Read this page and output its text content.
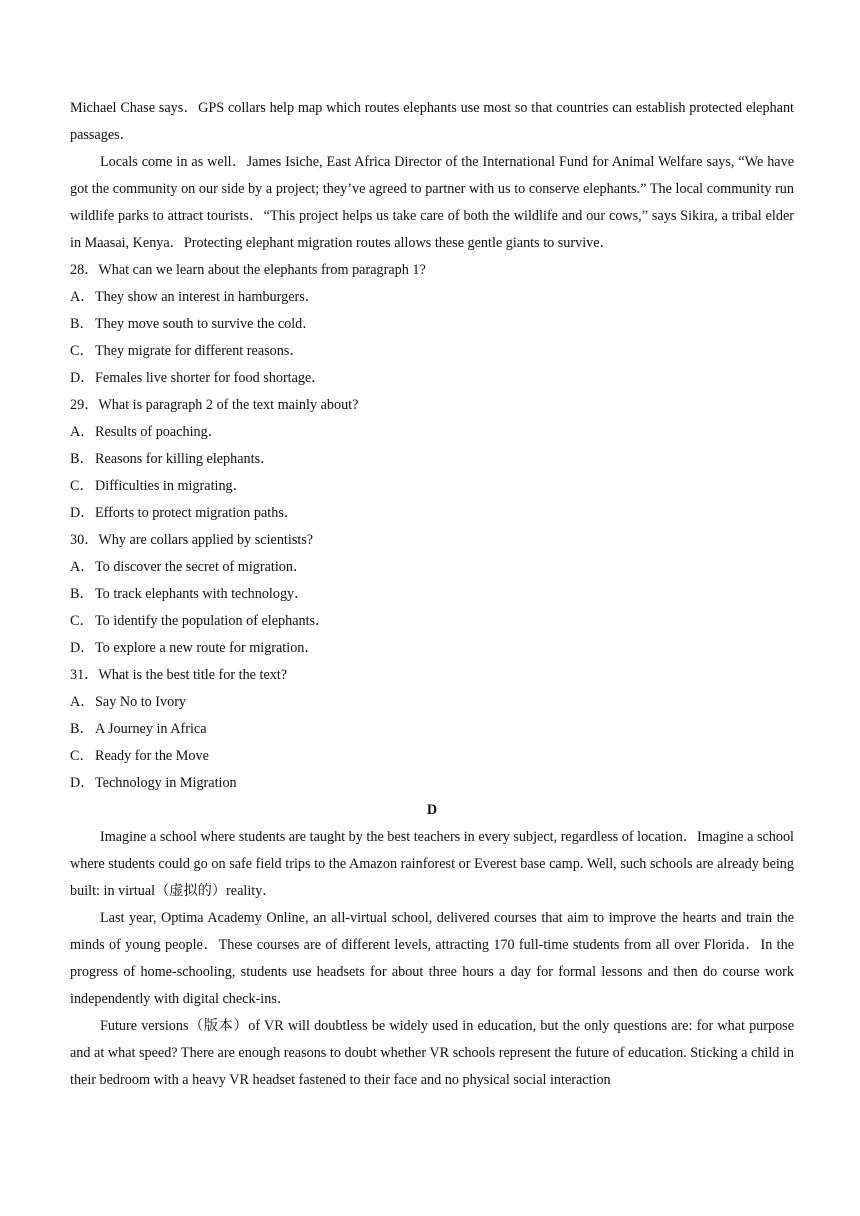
Michael Chase says．GPS collars help map which routes elephants use most so that countries can establish protected elephant passages．

Locals come in as well．James Isiche, East Africa Director of the International Fund for Animal Welfare says, “We have got the community on our side by a project; they’ve agreed to partner with us to conserve elephants.” The local community run wildlife parks to attract tourists．“This project helps us take care of both the wildlife and our cows,” says Sikira, a tribal elder in Maasai, Kenya．Protecting elephant migration routes allows these gentle giants to survive．

28．What can we learn about the elephants from paragraph 1?

A．They show an interest in hamburgers．

B．They move south to survive the cold．

C．They migrate for different reasons．

D．Females live shorter for food shortage．

29．What is paragraph 2 of the text mainly about?

A．Results of poaching．

B．Reasons for killing elephants．

C．Difficulties in migrating．

D．Efforts to protect migration paths．

30．Why are collars applied by scientists?

A．To discover the secret of migration．

B．To track elephants with technology．

C．To identify the population of elephants．

D．To explore a new route for migration．

31．What is the best title for the text?

A．Say No to Ivory

B．A Journey in Africa

C．Ready for the Move

D．Technology in Migration

D

Imagine a school where students are taught by the best teachers in every subject, regardless of location．Imagine a school where students could go on safe field trips to the Amazon rainforest or Everest base camp. Well, such schools are already being built: in virtual（虚拟的）reality．

Last year, Optima Academy Online, an all-virtual school, delivered courses that aim to improve the hearts and train the minds of young people．These courses are of different levels, attracting 170 full-time students from all over Florida．In the progress of home-schooling, students use headsets for about three hours a day for formal lessons and then do course work independently with digital check-ins．

Future versions（版本）of VR will doubtless be widely used in education, but the only questions are: for what purpose and at what speed? There are enough reasons to doubt whether VR schools represent the future of education. Sticking a child in their bedroom with a heavy VR headset fastened to their face and no physical social interaction
